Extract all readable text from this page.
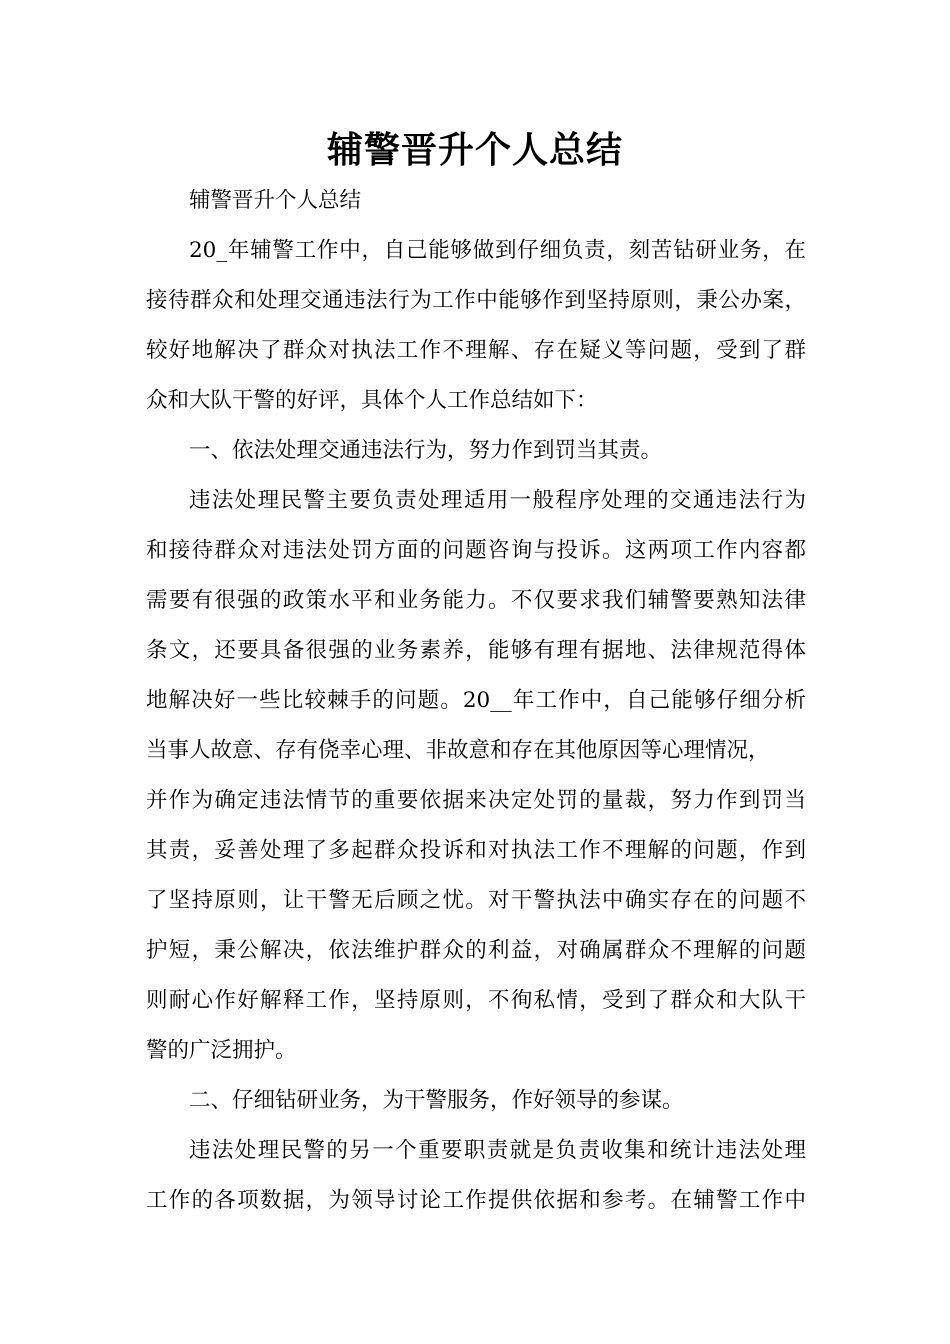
辅警晋升个人总结
辅警晋升个人总结
20_年辅警工作中，自己能够做到仔细负责，刻苦钻研业务，在
接待群众和处理交通违法行为工作中能够作到坚持原则，秉公办案，
较好地解决了群众对执法工作不理解、存在疑义等问题，受到了群
众和大队干警的好评，具体个人工作总结如下：
一、依法处理交通违法行为，努力作到罚当其责。
违法处理民警主要负责处理适用一般程序处理的交通违法行为
和接待群众对违法处罚方面的问题咨询与投诉。这两项工作内容都
需要有很强的政策水平和业务能力。不仅要求我们辅警要熟知法律
条文，还要具备很强的业务素养，能够有理有据地、法律规范得体
地解决好一些比较棘手的问题。20__年工作中，自己能够仔细分析
当事人故意、存有侥幸心理、非故意和存在其他原因等心理情况，
并作为确定违法情节的重要依据来决定处罚的量裁，努力作到罚当
其责，妥善处理了多起群众投诉和对执法工作不理解的问题，作到
了坚持原则，让干警无后顾之忧。对干警执法中确实存在的问题不
护短，秉公解决，依法维护群众的利益，对确属群众不理解的问题
则耐心作好解释工作，坚持原则，不徇私情，受到了群众和大队干
警的广泛拥护。
二、仔细钻研业务，为干警服务，作好领导的参谋。
违法处理民警的另一个重要职责就是负责收集和统计违法处理
工作的各项数据，为领导讨论工作提供依据和参考。在辅警工作中
